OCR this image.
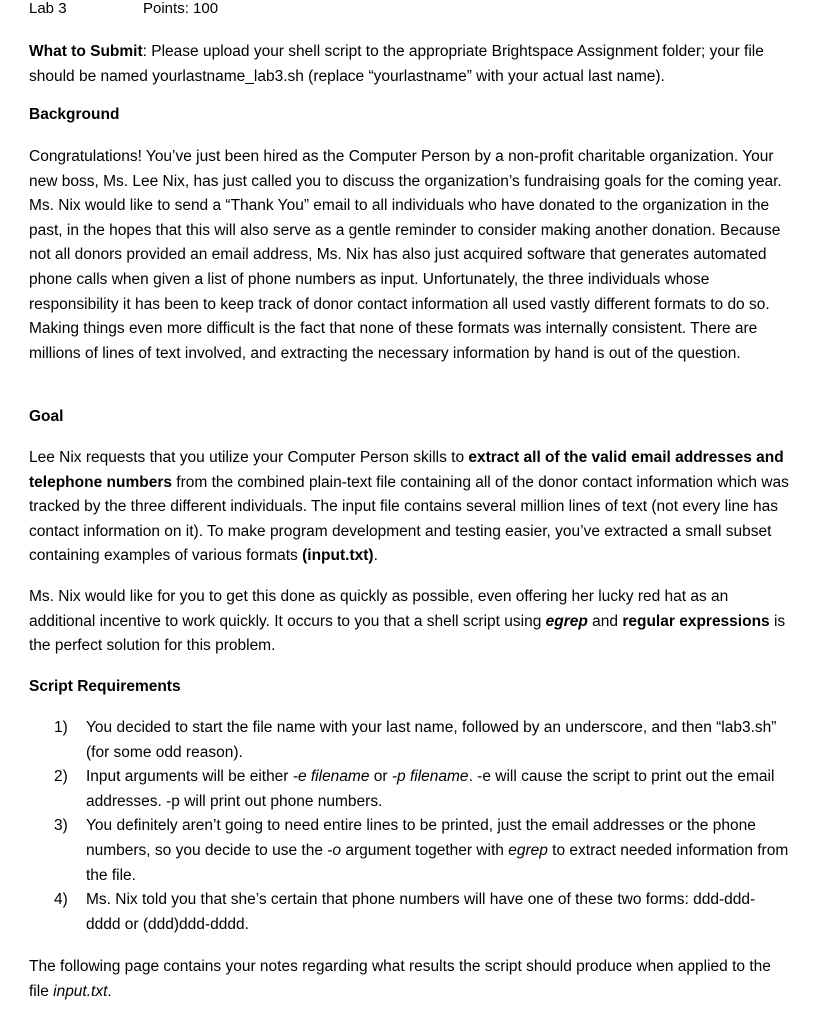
Lab 3	Points: 100

What to Submit: Please upload your shell script to the appropriate Brightspace Assignment folder; your file should be named yourlastname_lab3.sh (replace “yourlastname” with your actual last name).

Background

Congratulations! You’ve just been hired as the Computer Person by a non-profit charitable organization. Your new boss, Ms. Lee Nix, has just called you to discuss the organization’s fundraising goals for the coming year. Ms. Nix would like to send a “Thank You” email to all individuals who have donated to the organization in the past, in the hopes that this will also serve as a gentle reminder to consider making another donation. Because not all donors provided an email address, Ms. Nix has also just acquired software that generates automated phone calls when given a list of phone numbers as input. Unfortunately, the three individuals whose responsibility it has been to keep track of donor contact information all used vastly different formats to do so. Making things even more difficult is the fact that none of these formats was internally consistent. There are millions of lines of text involved, and extracting the necessary information by hand is out of the question.

Goal

Lee Nix requests that you utilize your Computer Person skills to extract all of the valid email addresses and telephone numbers from the combined plain-text file containing all of the donor contact information which was tracked by the three different individuals. The input file contains several million lines of text (not every line has contact information on it). To make program development and testing easier, you’ve extracted a small subset containing examples of various formats (input.txt).

Ms. Nix would like for you to get this done as quickly as possible, even offering her lucky red hat as an additional incentive to work quickly. It occurs to you that a shell script using egrep and regular expressions is the perfect solution for this problem.

Script Requirements
1) You decided to start the file name with your last name, followed by an underscore, and then “lab3.sh” (for some odd reason).
2) Input arguments will be either -e filename or -p filename. -e will cause the script to print out the email addresses. -p will print out phone numbers.
3) You definitely aren’t going to need entire lines to be printed, just the email addresses or the phone numbers, so you decide to use the -o argument together with egrep to extract needed information from the file.
4) Ms. Nix told you that she’s certain that phone numbers will have one of these two forms: ddd-ddd-dddd or (ddd)ddd-dddd.

The following page contains your notes regarding what results the script should produce when applied to the file input.txt.
